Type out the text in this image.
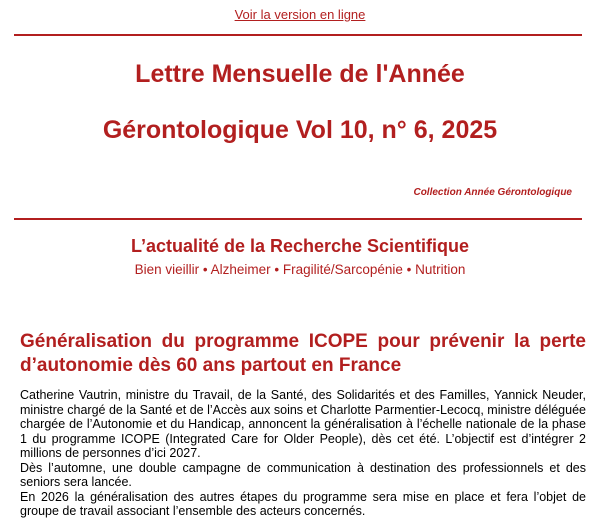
Voir la version en ligne
Lettre Mensuelle de l'Année
Gérontologique Vol 10, n° 6, 2025
Collection Année Gérontologique
L’actualité de la Recherche Scientifique
Bien vieillir • Alzheimer • Fragilité/Sarcopénie • Nutrition
Généralisation du programme ICOPE pour prévenir la perte d’autonomie dès 60 ans partout en France

Catherine Vautrin, ministre du Travail, de la Santé, des Solidarités et des Familles, Yannick Neuder, ministre chargé de la Santé et de l’Accès aux soins et Charlotte Parmentier-Lecocq, ministre déléguée chargée de l’Autonomie et du Handicap, annoncent la généralisation à l’échelle nationale de la phase 1 du programme ICOPE (Integrated Care for Older People), dès cet été. L’objectif est d’intégrer 2 millions de personnes d’ici 2027.

Dès l’automne, une double campagne de communication à destination des professionnels et des seniors sera lancée.

En 2026 la généralisation des autres étapes du programme sera mise en place et fera l’objet de groupe de travail associant l’ensemble des acteurs concernés.
